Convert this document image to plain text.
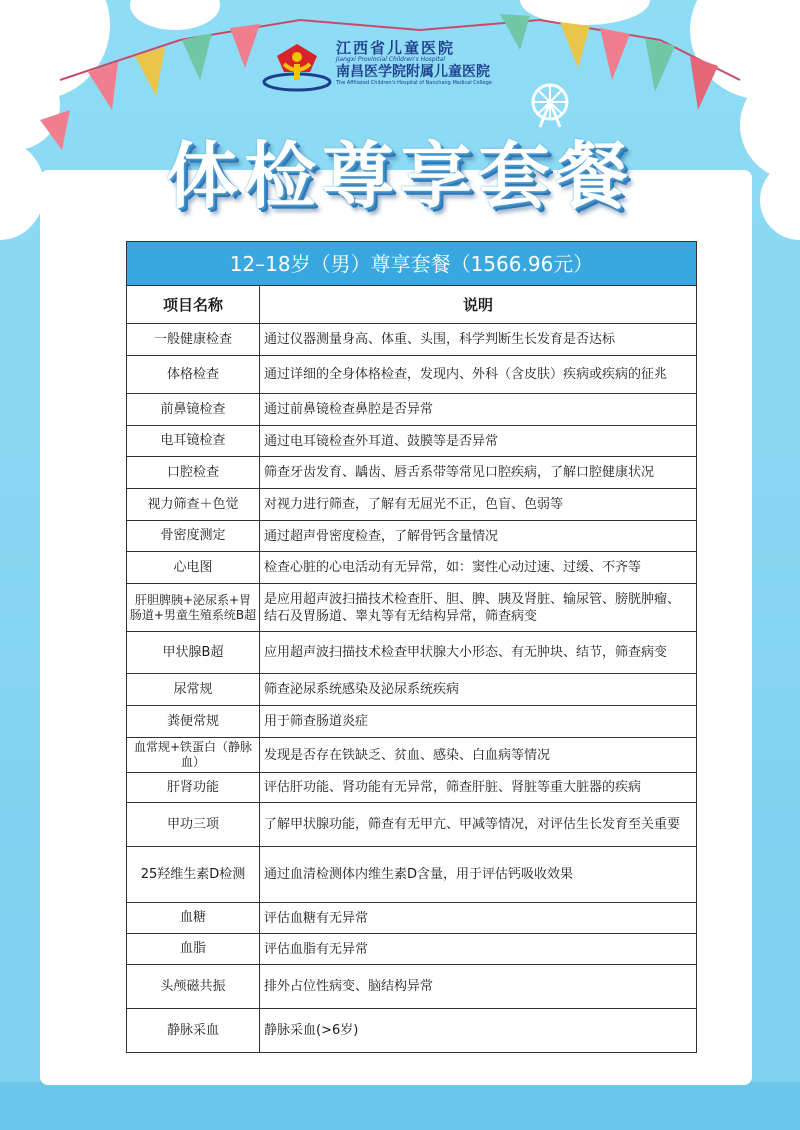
江西省儿童医院
Jiangxi Provincial Children's Hospital
南昌医学院附属儿童医院
The Affiliated Children's Hospital of Nanchang Medical College
体检尊享套餐
12–18岁（男）尊享套餐（1566.96元）
项目名称	说明
一般健康检查	通过仪器测量身高、体重、头围，科学判断生长发育是否达标
体格检查	通过详细的全身体格检查，发现内、外科（含皮肤）疾病或疾病的征兆
前鼻镜检查	通过前鼻镜检查鼻腔是否异常
电耳镜检查	通过电耳镜检查外耳道、鼓膜等是否异常
口腔检查	筛查牙齿发育、龋齿、唇舌系带等常见口腔疾病，了解口腔健康状况
视力筛查＋色觉	对视力进行筛查，了解有无屈光不正，色盲、色弱等
骨密度测定	通过超声骨密度检查，了解骨钙含量情况
心电图	检查心脏的心电活动有无异常，如：窦性心动过速、过缓、不齐等
肝胆脾胰+泌尿系+胃肠道+男童生殖系统B超	是应用超声波扫描技术检查肝、胆、脾、胰及肾脏、输尿管、膀胱肿瘤、结石及胃肠道、睾丸等有无结构异常，筛查病变
甲状腺B超	应用超声波扫描技术检查甲状腺大小形态、有无肿块、结节，筛查病变
尿常规	筛查泌尿系统感染及泌尿系统疾病
粪便常规	用于筛查肠道炎症
血常规+铁蛋白（静脉血）	发现是否存在铁缺乏、贫血、感染、白血病等情况
肝肾功能	评估肝功能、肾功能有无异常，筛查肝脏、肾脏等重大脏器的疾病
甲功三项	了解甲状腺功能，筛查有无甲亢、甲减等情况，对评估生长发育至关重要
25羟维生素D检测	通过血清检测体内维生素D含量，用于评估钙吸收效果
血糖	评估血糖有无异常
血脂	评估血脂有无异常
头颅磁共振	排外占位性病变、脑结构异常
静脉采血	静脉采血(>6岁)
